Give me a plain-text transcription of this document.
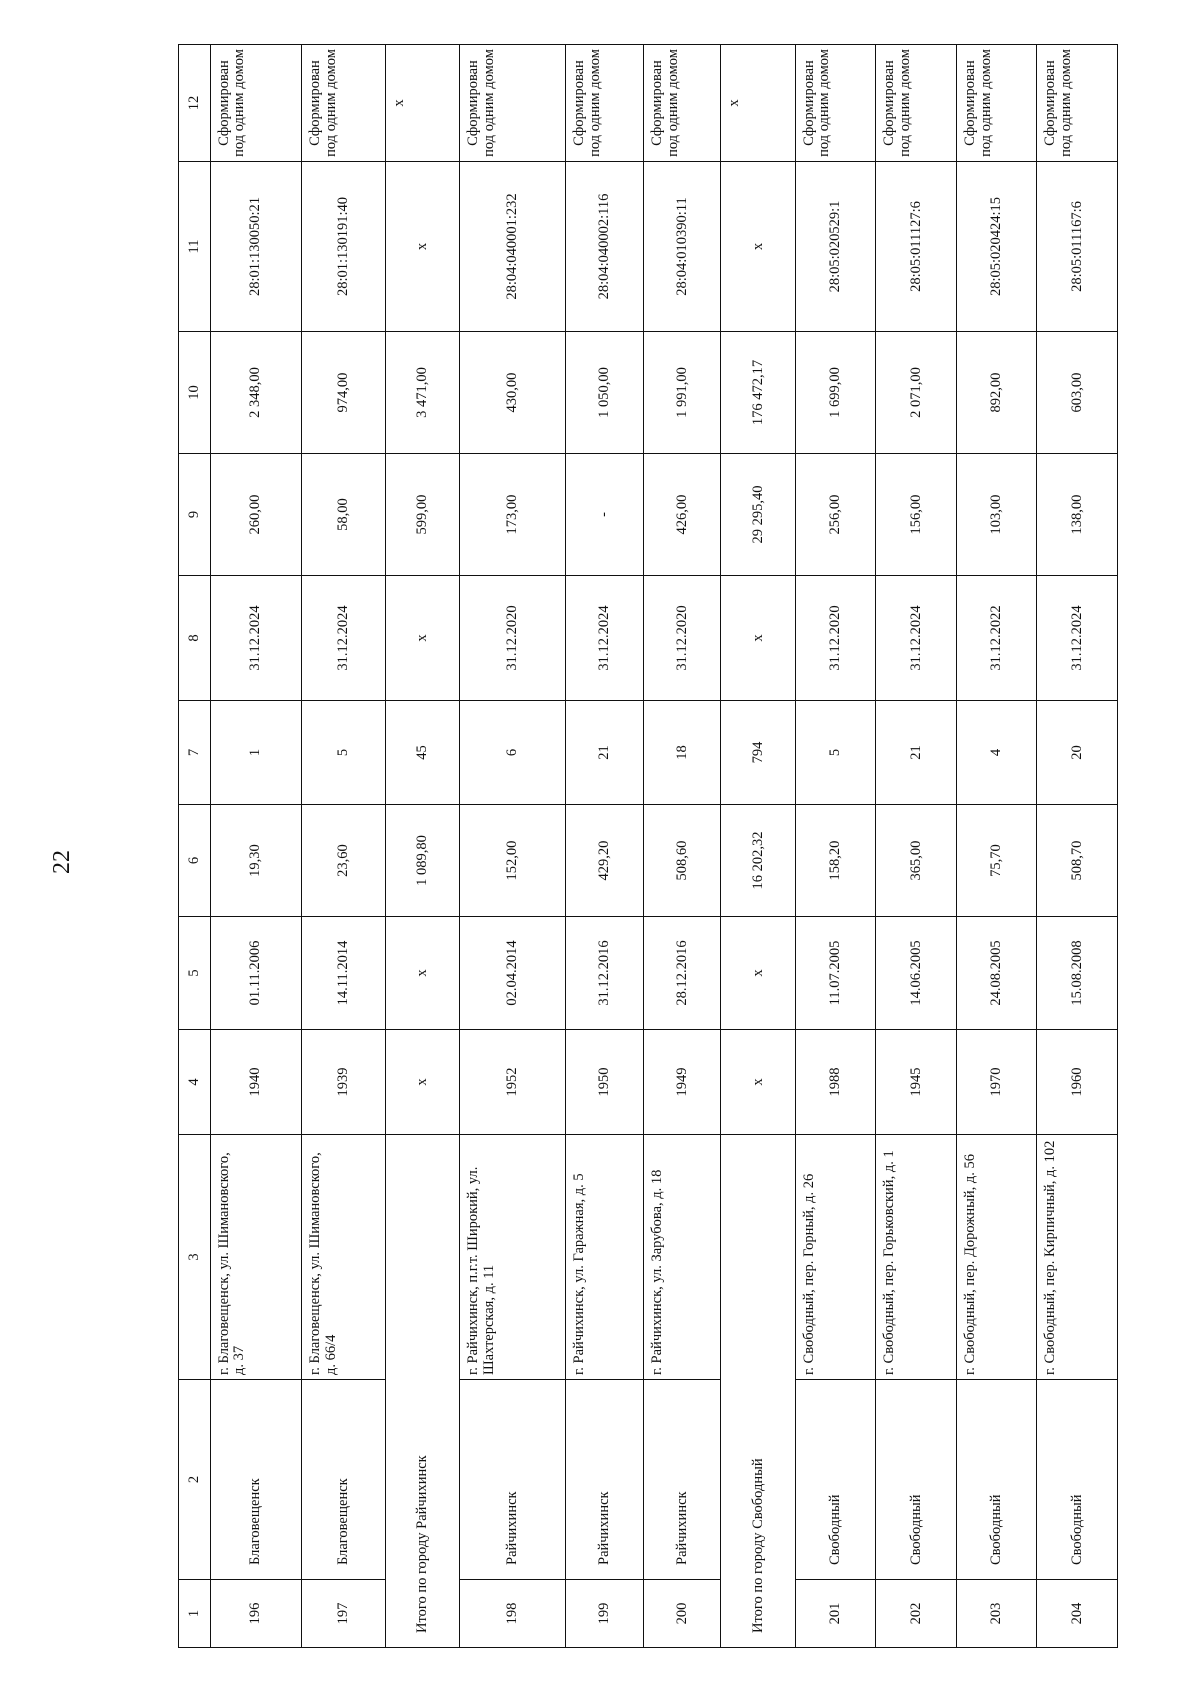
22
1	2	3	4	5	6	7	8	9	10	11	12
196	Благовещенск	г. Благовещенск, ул. Шимановского, д. 37	1940	01.11.2006	19,30	1	31.12.2024	260,00	2 348,00	28:01:130050:21	Сформирован под одним домом
197	Благовещенск	г. Благовещенск, ул. Шимановского, д. 66/4	1939	14.11.2014	23,60	5	31.12.2024	58,00	974,00	28:01:130191:40	Сформирован под одним домом
Итого по городу Райчихинск			х	х	1 089,80	45	х	599,00	3 471,00	х	х
198	Райчихинск	г. Райчихинск, п.г.т. Широкий, ул. Шахтерская, д. 11	1952	02.04.2014	152,00	6	31.12.2020	173,00	430,00	28:04:040001:232	Сформирован под одним домом
199	Райчихинск	г. Райчихинск, ул. Гаражная, д. 5	1950	31.12.2016	429,20	21	31.12.2024	-	1 050,00	28:04:040002:116	Сформирован под одним домом
200	Райчихинск	г. Райчихинск, ул. Зарубова, д. 18	1949	28.12.2016	508,60	18	31.12.2020	426,00	1 991,00	28:04:010390:11	Сформирован под одним домом
Итого по городу Свободный			х	х	16 202,32	794	х	29 295,40	176 472,17	х	х
201	Свободный	г. Свободный, пер. Горный, д. 26	1988	11.07.2005	158,20	5	31.12.2020	256,00	1 699,00	28:05:020529:1	Сформирован под одним домом
202	Свободный	г. Свободный, пер. Горьковский, д. 1	1945	14.06.2005	365,00	21	31.12.2024	156,00	2 071,00	28:05:011127:6	Сформирован под одним домом
203	Свободный	г. Свободный, пер. Дорожный, д. 56	1970	24.08.2005	75,70	4	31.12.2022	103,00	892,00	28:05:020424:15	Сформирован под одним домом
204	Свободный	г. Свободный, пер. Кирпичный, д. 102	1960	15.08.2008	508,70	20	31.12.2024	138,00	603,00	28:05:011167:6	Сформирован под одним домом
